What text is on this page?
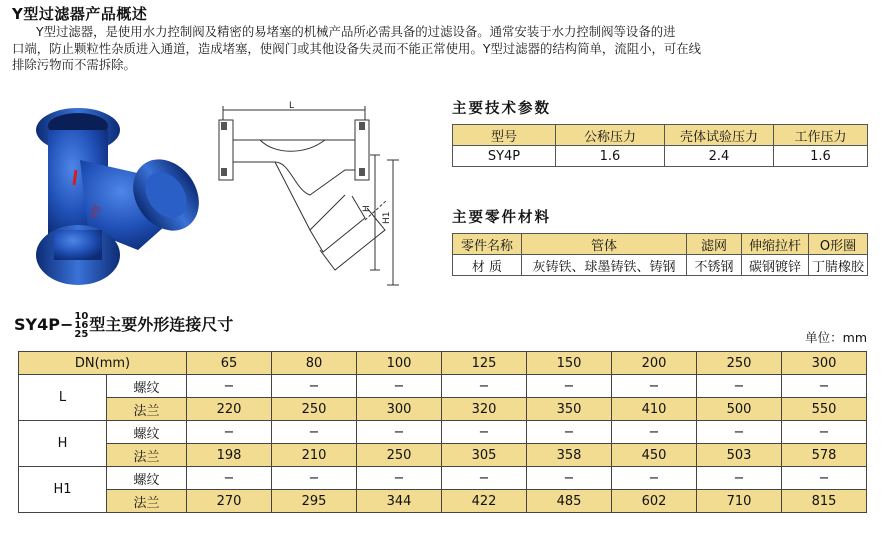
Y型过滤器产品概述
Y型过滤器，是使用水力控制阀及精密的易堵塞的机械产品所必需具备的过滤设备。通常安装于水力控制阀等设备的进
口端，防止颗粒性杂质进入通道，造成堵塞，使阀门或其他设备失灵而不能正常使用。Y型过滤器的结构简单，流阻小，可在线
排除污物而不需拆除。
Y型
L
H
H1
主要技术参数
型号	公称压力	壳体试验压力	工作压力
SY4P	1.6	2.4	1.6
主要零件材料
零件名称	管体	滤网	伸缩拉杆	O形圈
材 质	灰铸铁、球墨铸铁、铸钢	不锈钢	碳钢镀锌	丁腈橡胶
SY4P− 10
16
25
型主要外形连接尺寸
单位：mm
DN(mm)		65	80	100	125	150	200	250	300
L	螺纹	−	−	−	−	−	−	−	−
	法兰	220	250	300	320	350	410	500	550
H	螺纹	−	−	−	−	−	−	−	−
	法兰	198	210	250	305	358	450	503	578
H1	螺纹	−	−	−	−	−	−	−	−
	法兰	270	295	344	422	485	602	710	815
